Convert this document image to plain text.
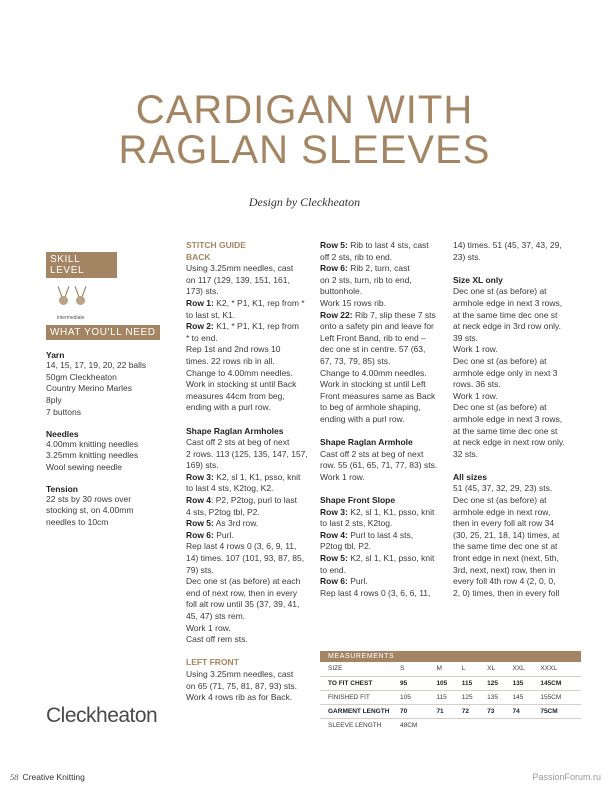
CARDIGAN WITH
RAGLAN SLEEVES
Design by Cleckheaton
SKILL LEVEL
intermediate
WHAT YOU'LL NEED
Yarn
14, 15, 17, 19, 20, 22 balls
50gm Cleckheaton
Country Merino Marles
8ply
7 buttons
Needles
4.00mm knitting needles
3.25mm knitting needles
Wool sewing needle
Tension
22 sts by 30 rows over
stocking st, on 4.00mm
needles to 10cm
Cleckheaton
STITCH GUIDE
BACK
Using 3.25mm needles, cast
on 117 (129, 139, 151, 161,
173) sts.
Row 1: K2, * P1, K1, rep from *
to last st, K1.
Row 2: K1, * P1, K1, rep from
* to end.
Rep 1st and 2nd rows 10
times. 22 rows rib in all.
Change to 4.00mm needles.
Work in stocking st until Back
measures 44cm from beg,
ending with a purl row.
Shape Raglan Armholes
Cast off 2 sts at beg of next
2 rows. 113 (125, 135, 147, 157,
169) sts.
Row 3: K2, sl 1, K1, psso, knit
to last 4 sts, K2tog, K2.
Row 4: P2, P2tog, purl to last
4 sts, P2tog tbl, P2.
Row 5: As 3rd row.
Row 6: Purl.
Rep last 4 rows 0 (3, 6, 9, 11,
14) times. 107 (101, 93, 87, 85,
79) sts.
Dec one st (as before) at each
end of next row, then in every
foll alt row until 35 (37, 39, 41,
45, 47) sts rem.
Work 1 row.
Cast off rem sts.
LEFT FRONT
Using 3.25mm needles, cast
on 65 (71, 75, 81, 87, 93) sts.
Work 4 rows rib as for Back.
Row 5: Rib to last 4 sts, cast
off 2 sts, rib to end.
Row 6: Rib 2, turn, cast
on 2 sts, turn, rib to end,
buttonhole.
Work 15 rows rib.
Row 22: Rib 7, slip these 7 sts
onto a safety pin and leave for
Left Front Band, rib to end –
dec one st in centre. 57 (63,
67, 73, 79, 85) sts.
Change to 4.00mm needles.
Work in stocking st until Left
Front measures same as Back
to beg of armhole shaping,
ending with a purl row.
Shape Raglan Armhole
Cast off 2 sts at beg of next
row. 55 (61, 65, 71, 77, 83) sts.
Work 1 row.
Shape Front Slope
Row 3: K2, sl 1, K1, psso, knit
to last 2 sts, K2tog.
Row 4: Purl to last 4 sts,
P2tog tbl, P2.
Row 5: K2, sl 1, K1, psso, knit
to end.
Row 6: Purl.
Rep last 4 rows 0 (3, 6, 6, 11,
14) times. 51 (45, 37, 43, 29,
23) sts.
Size XL only
Dec one st (as before) at
armhole edge in next 3 rows,
at the same time dec one st
at neck edge in 3rd row only.
39 sts.
Work 1 row.
Dec one st (as before) at
armhole edge only in next 3
rows. 36 sts.
Work 1 row.
Dec one st (as before) at
armhole edge in next 3 rows,
at the same time dec one st
at neck edge in next row only.
32 sts.
All sizes
51 (45, 37, 32, 29, 23) sts.
Dec one st (as before) at
armhole edge in next row,
then in every foll alt row 34
(30, 25, 21, 18, 14) times, at
the same time dec one st at
front edge in next (next, 5th,
3rd, next, next) row, then in
every foll 4th row 4 (2, 0, 0,
2, 0) times, then in every foll
MEASUREMENTS
SIZE	S	M	L	XL	XXL	XXXL
TO FIT CHEST	95	105	115	125	135	145CM
FINISHED FIT	105	115	125	135	145	155CM
GARMENT LENGTH	70	71	72	73	74	75CM
SLEEVE LENGTH	48CM					
58 Creative Knitting	PassionForum.ru
